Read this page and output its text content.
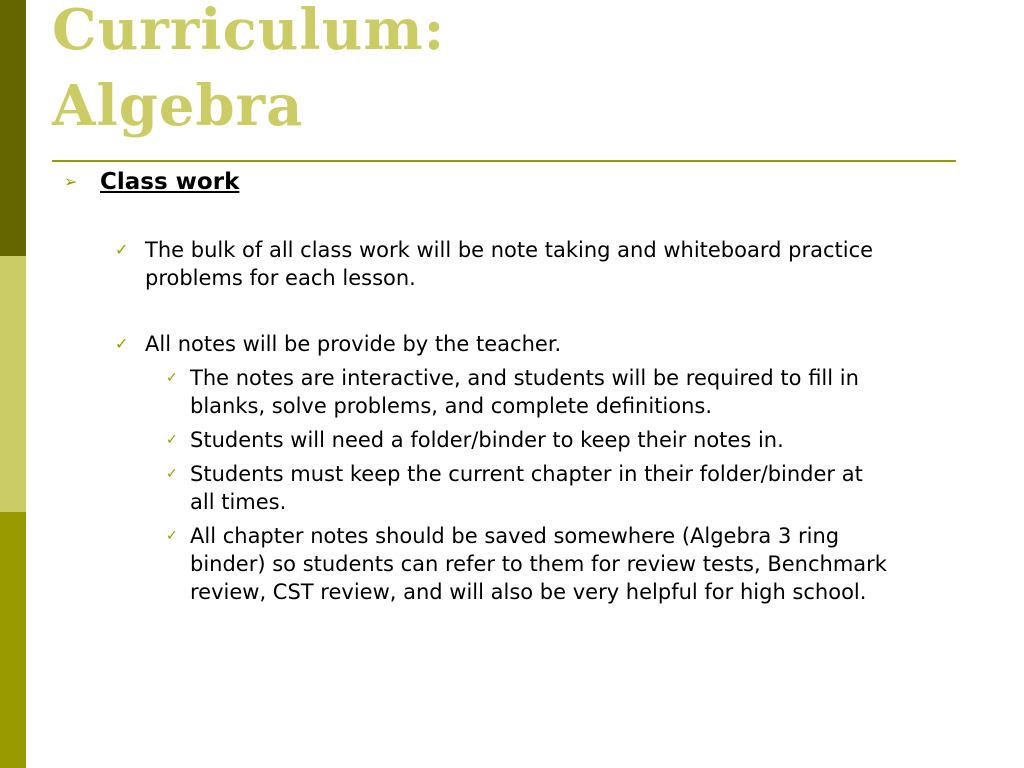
Curriculum:
Algebra
➢ Class work
✓ The bulk of all class work will be note taking and whiteboard practice problems for each lesson.
✓ All notes will be provide by the teacher.
✓ The notes are interactive, and students will be required to fill in blanks, solve problems, and complete definitions.
✓ Students will need a folder/binder to keep their notes in.
✓ Students must keep the current chapter in their folder/binder at all times.
✓ All chapter notes should be saved somewhere (Algebra 3 ring binder) so students can refer to them for review tests, Benchmark review, CST review, and will also be very helpful for high school.
